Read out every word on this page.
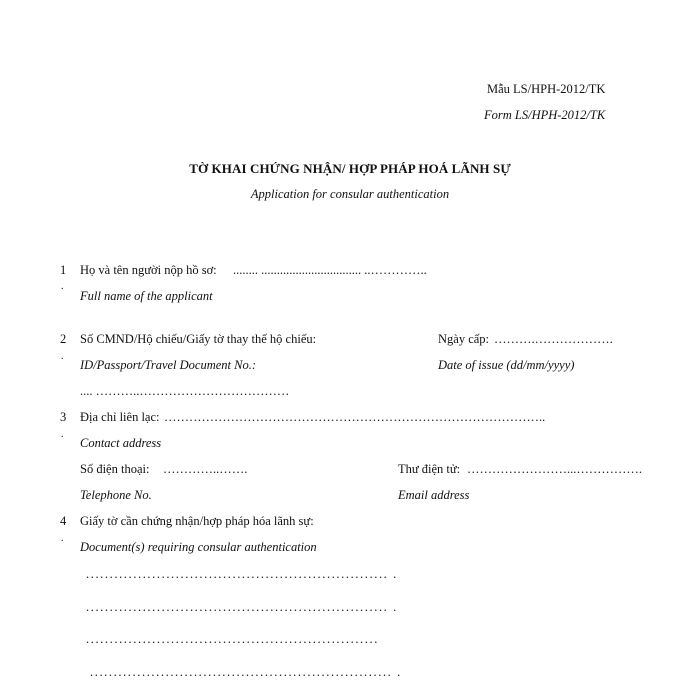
Mẫu LS/HPH-2012/TK
Form LS/HPH-2012/TK
TỜ KHAI CHỨNG NHẬN/ HỢP PHÁP HOÁ LÃNH SỰ
Application for consular authentication
1
.
Họ và tên người nộp hồ sơ: ........ ................................ ..…………..
Full name of the applicant
2
.
Số CMND/Hộ chiếu/Giấy tờ thay thế hộ chiếu:	Ngày cấp: ……….……………….
ID/Passport/Travel Document No.:	Date of issue (dd/mm/yyyy)
.... ………..………………………………
3
.
Địa chỉ liên lạc: ………………………………………………………………………………..
Contact address
Số điện thoại: …………..…….	Thư điện tử: ……………………...…………….
Telephone No.	Email address
4
.
Giấy tờ cần chứng nhận/hợp pháp hóa lãnh sự:
Document(s) requiring consular authentication
................................................................ .
................................................................ .
..............................................................
................................................................ .
